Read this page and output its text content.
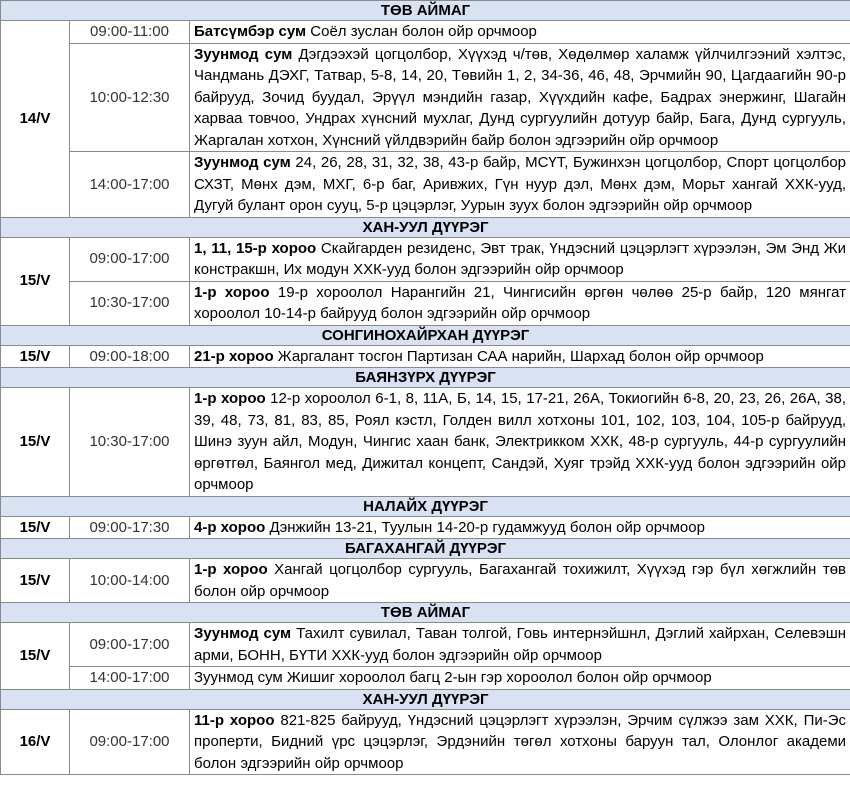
ТӨВ АЙМАГ		
14/V	09:00-11:00	Батсүмбэр сум Соёл зуслан болон ойр орчмоор
	10:00-12:30	Зуунмод сум Дэгдээхэй цогцолбор, Хүүхэд ч/төв, Хөдөлмөр халамж үйлчилгээний хэлтэс, Чандмань ДЭХГ, Татвар, 5-8, 14, 20, Төвийн 1, 2, 34-36, 46, 48, Эрчмийн 90, Цагдаагийн 90-р байрууд, Зочид буудал, Эрүүл мэндийн газар, Хүүхдийн кафе, Бадрах энержинг, Шагайн харваа товчоо, Ундрах хүнсний мухлаг, Дунд сургуулийн дотуур байр, Бага, Дунд сургууль, Жаргалан хотхон, Хүнсний үйлдвэрийн байр болон эдгээрийн ойр орчмоор
	14:00-17:00	Зуунмод сум 24, 26, 28, 31, 32, 38, 43-р байр, МСҮТ, Бужинхэн цогцолбор, Спорт цогцолбор СХЗТ, Мөнх дэм, МХГ, 6-р баг, Аривжих, Гүн нуур дэл, Мөнх дэм, Морьт хангай ХХК-ууд, Дугуй булант орон сууц, 5-р цэцэрлэг, Уурын зуух болон эдгээрийн ойр орчмоор
ХАН-УУЛ ДҮҮРЭГ		
15/V	09:00-17:00	1, 11, 15-р хороо Скайгарден резиденс, Эвт трак, Үндэсний цэцэрлэгт хүрээлэн, Эм Энд Жи констракшн, Их модун ХХК-ууд болон эдгээрийн ойр орчмоор
	10:30-17:00	1-р хороо 19-р хороолол Нарангийн 21, Чингисийн өргөн чөлөө 25-р байр, 120 мянгат хороолол 10-14-р байрууд болон эдгээрийн ойр орчмоор
СОНГИНОХАЙРХАН ДҮҮРЭГ		
15/V	09:00-18:00	21-р хороо Жаргалант тосгон Партизан САА нарийн, Шархад болон ойр орчмоор
БАЯНЗҮРХ ДҮҮРЭГ		
15/V	10:30-17:00	1-р хороо 12-р хороолол 6-1, 8, 11А, Б, 14, 15, 17-21, 26А, Токиогийн 6-8, 20, 23, 26, 26А, 38, 39, 48, 73, 81, 83, 85, Роял кэстл, Голден вилл хотхоны 101, 102, 103, 104, 105-р байрууд, Шинэ зуун айл, Модун, Чингис хаан банк, Электрикком ХХК, 48-р сургууль, 44-р сургуулийн өргөтгөл, Баянгол мед, Дижитал концепт, Сандэй, Хуяг трэйд ХХК-ууд болон эдгээрийн ойр орчмоор
НАЛАЙХ ДҮҮРЭГ		
15/V	09:00-17:30	4-р хороо Дэнжийн 13-21, Туулын 14-20-р гудамжууд болон ойр орчмоор
БАГАХАНГАЙ ДҮҮРЭГ		
15/V	10:00-14:00	1-р хороо Хангай цогцолбор сургууль, Багахангай тохижилт, Хүүхэд гэр бүл хөгжлийн төв болон ойр орчмоор
ТӨВ АЙМАГ		
15/V	09:00-17:00	Зуунмод сум Тахилт сувилал, Таван толгой, Говь интернэйшнл, Дэглий хайрхан, Селевэшн арми, БОНН, БҮТИ ХХК-ууд болон эдгээрийн ойр орчмоор
	14:00-17:00	Зуунмод сум Жишиг хороолол багц 2-ын гэр хороолол болон ойр орчмоор
ХАН-УУЛ ДҮҮРЭГ		
16/V	09:00-17:00	11-р хороо 821-825 байрууд, Үндэсний цэцэрлэгт хүрээлэн, Эрчим сүлжээ зам ХХК, Пи-Эс проперти, Бидний үрс цэцэрлэг, Эрдэнийн төгөл хотхоны баруун тал, Олонлог академи болон эдгээрийн ойр орчмоор
